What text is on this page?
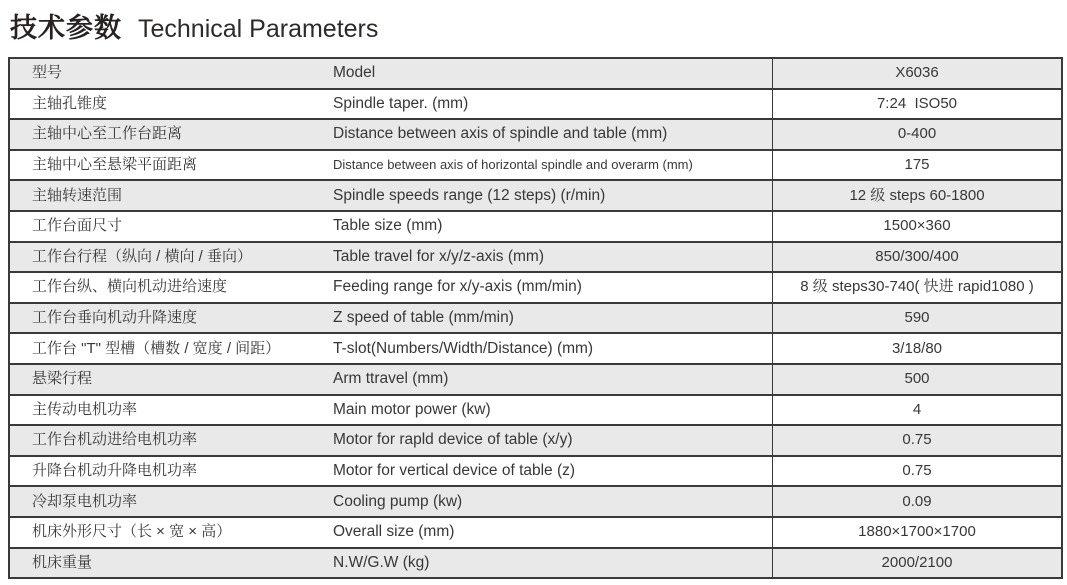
技术参数 Technical Parameters
型号	Model	X6036
主轴孔锥度	Spindle taper. (mm)	7:24  ISO50
主轴中心至工作台距离	Distance between axis of spindle and table (mm)	0-400
主轴中心至悬梁平面距离	Distance between axis of horizontal spindle and overarm (mm)	175
主轴转速范围	Spindle speeds range (12 steps) (r/min)	12 级 steps 60-1800
工作台面尺寸	Table size (mm)	1500×360
工作台行程（纵向 / 横向 / 垂向）	Table travel for x/y/z-axis (mm)	850/300/400
工作台纵、横向机动进给速度	Feeding range for x/y-axis (mm/min)	8 级 steps30-740( 快进 rapid1080 )
工作台垂向机动升降速度	Z speed of table (mm/min)	590
工作台 "T" 型槽（槽数 / 宽度 / 间距）	T-slot(Numbers/Width/Distance) (mm)	3/18/80
悬梁行程	Arm ttravel (mm)	500
主传动电机功率	Main motor power (kw)	4
工作台机动进给电机功率	Motor for rapld device of table (x/y)	0.75
升降台机动升降电机功率	Motor for vertical device of table (z)	0.75
冷却泵电机功率	Cooling pump (kw)	0.09
机床外形尺寸（长 × 宽 × 高）	Overall size (mm)	1880×1700×1700
机床重量	N.W/G.W (kg)	2000/2100
